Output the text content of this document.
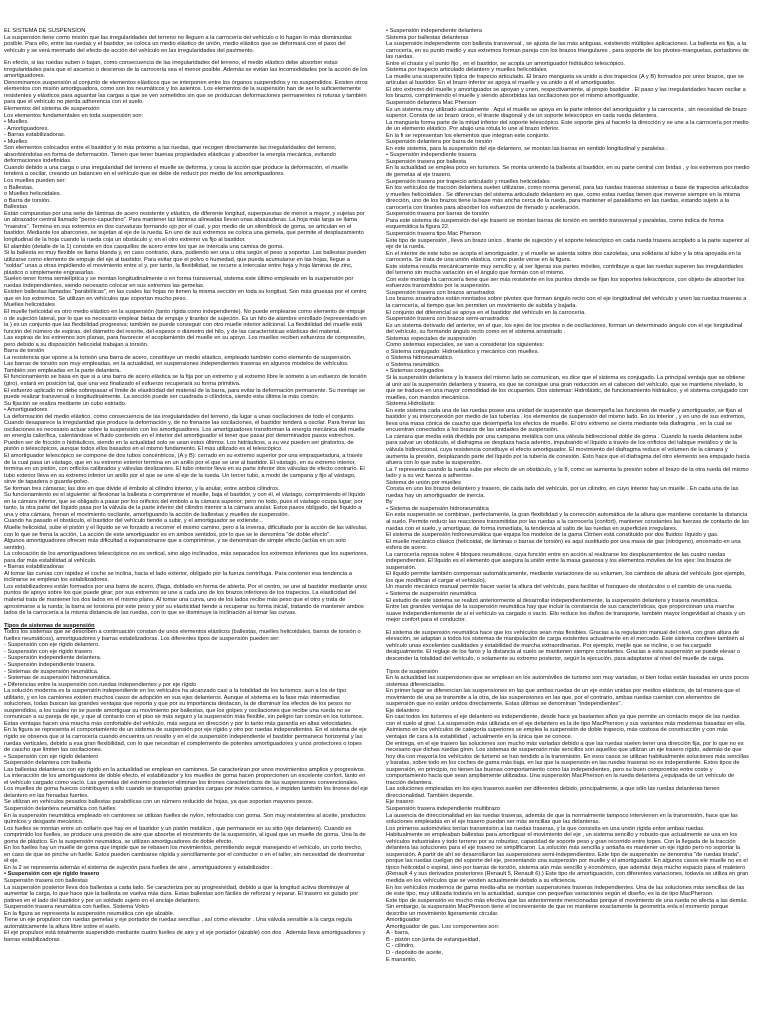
EL SISTEMA DE SUSPENSIÓN

La suspensión tiene como misión que las irregularidades del terreno no lleguen a la carrocería del vehículo o lo hagan lo más disminuidas posible. Para ello, entre las ruedas y el bastidor, se coloca un medio elástico de unión, medio elástico que se deformará con el paso del vehículo y se verá mermado del efecto de acción del vehículo en las irregularidades del pavimento.

En efecto, si las ruedas suben o bajan, como consecuencia de las irregularidades del terreno, el medio elástico debe absorber estas irregularidades para que el ascenso o descenso de la carrocería sea el menor posible. Además se evitan las incomodidades por la acción de los amortiguadores.

Denominamos suspensión al conjunto de elementos elásticos que se interponen entre los órganos suspendidos y no suspendidos. Existen otros elementos con misión amortiguadora, como son los neumáticos y los asientos. Los elementos de la suspensión han de ser lo suficientemente resistentes y elásticos para aguantar las cargas a que se ven sometidos sin que se produzcan deformaciones permanentes ni roturas y también para que el vehículo no pierda adherencia con el suelo.

Elementos del sistema de suspensión

Los elementos fundamentales en toda suspensión son:

• Muelles.

- Amortiguadores.

- Barras estabilizadoras.

• Muelles

Son elementos colocados entre el bastidor y lo más próximo a las ruedas, que recogen directamente las irregularidades del terreno, absorbiéndolas en forma de deformación. Tienen que tener buenas propiedades elásticas y absorber la energía mecánica, evitando deformaciones indefinidas.

Cuando debido a una carga o una irregularidad del terreno el muelle se deforma, y cesa la acción que produce la deformación, el muelle tenderá a oscilar, creando un balanceo en el vehículo que se debe de reducir por medio de los amortiguadores.

Los muelles pueden ser:

o Ballestas.

o Muelles helicoidales.

o Barra de torsión.

Ballestas

Están compuestas por una serie de láminas de acero resistente y elástico, de diferente longitud, superpuestas de menor a mayor, y sujetas por un abrazador central llamado "perno-capuchino". Para mantener las láminas alineadas llevan unas abrazaderas. La hoja más larga se llama "maestra". Termina en sus extremos en dos curvaturas formando ojo por el cual, y por medio de un silentblock de goma, se articulan en el bastidor. Mediante los abarcones, se sujetan al eje de la rueda. En uno de sus extremos se coloca una gemela, que permite el desplazamiento longitudinal de la hoja cuando la rueda coja un obstáculo y, en el otro extremo va fijo al bastidor.

El alambio (detalle de la 1) consiste en dos casquillos de acero entre los que se intercala una camisa de goma.

Si la ballesta es muy flexible se llama blanda y, en caso contrario, dura, pudiendo ser una u otra según el peso a soportar. Las ballestas pueden utilizarse como elemento de empuje del eje al bastidor. Para evitar que el polvo o humedad, que pueda acumularse en las hojas, llegue a "soldar" unas a otras impidiendo el movimiento entre sí y, por tanto, la flexibilidad, se recurre a intercalar entre hoja y hoja láminas de zinc, plástico o simplemente engrasarlas.

Suelen tener forma semielíptica y se montan longitudinalmente o en forma transversal, sistema este último empleado en la suspensión por ruedas independientes, siendo necesario colocar en sus extremos las gemelas.

Existen ballestas llamadas "parabólicas", en las cuales las hojas no tienen la misma sección en toda su longitud. Son más gruesas por el centro que en los extremos. Se utilizan en vehículos que soportan mucho peso.

Muelles helicoidales

El muelle helicoidal es otro medio elástico en la suspensión (tanto rígida como independiente). No puede emplearse como elemento de empuje o de sujeción lateral, por lo que es necesario emplear bielas de empuje y tirantes de sujeción. Es un hilo de alambre enrollado (representado en la ) es un conjunto que las flexibilidad progresiva; también se puede conseguir con otro muelle interior adicional. La flexibilidad del muelle está función del número de espiras, del diámetro del resorte, del espesor o diámetro del hilo, y de las características elásticas del material.

Las espiras de los extremos son planas, para favorecer el acoplamiento del muelle en su apoyo. Los muelles reciben esfuerzos de compresión, pero debido a su disposición helicoidal trabajan a torsión.

Barra de torsión

La resistencia que opone a la torsión una barra de acero, constituye un medio elástico, empleado también como elemento de suspensión.

Las barras de torsión son muy empleadas, en la actualidad, en suspensiones independientes traseras en algunos modelos de vehículos. También son empleadas en la parte delantera.

El funcionamiento se basa en que si a una barra de acero elástica se la fija por un extremo y al extremo libre le someto a un esfuerzo de torsión (giro), estará en posición tal, que una vez finalizado el esfuerzo recuperará su forma primitiva.

El esfuerzo aplicado no debe sobrepasar el límite de elasticidad del material de la barra, para evitar la deformación permanente. Su montaje se puede realizar transversal o longitudinalmente. La sección puede ser cuadrada o cilíndrica, siendo esta última la más común.

Su fijación se realiza mediante un cubo estriado.

• Amortiguadores

La deformación del medio elástico, como consecuencia de las irregularidades del terreno, da lugar a unas oscilaciones de todo el conjunto. Cuando desaparece la irregularidad que produce la deformación y, de no frenarse las oscilaciones, el bastidor tenderá a oscilar. Para frenar las oscilaciones es necesario actuar sobre la suspensión con los amortiguadores. Los amortiguadores transforman la energía mecánica del muelle en energía calorífica, calentándose el fluido contenido en el interior del amortiguador el tener que pasar por determinados pasos estrechos. Pueden ser de fricción o hidráulicos, siendo en la actualidad solo se usan estos últimos. Los hidráulicos, a su vez pueden ser giratorios, de pistón o telescópicos, aunque todos ellos basados en el mismo fundamento. El más utilizado es el telescópico.

El amortiguador telescópico se compone de dos tubos concéntricos, (A y B): cerrado en su extremo superior por una empaquetadura, a través de la cual pasa un vástago, que en su extremo exterior termina en un anillo por el que se une al bastidor. El vástago, en su extremo interior, termina en un pistón, con orificios calibrados y válvulas deslizantes. El tubo interior lleva en su parte inferior dos válvulas de efecto contrario. El tubo exterior lleva en su extremo inferior un anillo por el que se une al eje de la rueda. Un tercer tubo, a modo de campana y fijo al vástago, sirve de tapadera o guarda-polvo.

Se forman tres cámaras; las dos en que divide el émbolo al cilindro interior, y la anular, entre ambos cilindros.

Su funcionamiento es el siguiente: al flexionar la ballesta o comprimirse el muelle, baja el bastidor, y con él, el vástago, comprimiendo el líquido en la cámara inferior, que se obligado a pasar por los orificios del émbolo a la cámara superior; pero no todo, pues el vástago ocupa lugar; por tanto, la otra parte del líquido pasa por la válvula de la parte inferior del cilindro interior a la cámara anular. Estos pasos obligado, del líquido a una y otra cámara, frenan el movimiento oscilante, amortiguando la acción de ballestas y muelles de suspensión.

Cuando ha pasado el obstáculo, el bastidor del vehículo tiende a subir, y el amortiguador se extiende...

Muelle helicoidal, sube el pistón y el líquido se ve forzado a recorrer el mismo camino, pero a la inversa, dificultado por la acción de las válvulas, con lo que se frena la acción, La acción de este amortiguador es en ambos sentidos, por lo que se le denomina "de doble efecto".

Algunos amortiguadores ofrecen más dificultad a expansionarse que a comprimirse, y se denominan de simple efecto (actúa en un solo sentido).

La colocación de los amortiguadores telescópicos no es vertical, sino algo inclinados, más separados los extremos inferiores que los superiores, para dar más estabilidad al vehículo.

• Barras estabilizadoras

Al tomar las curvas con rapidez el coche se inclina, hacia el lado exterior, obligado por la fuerza centrífuga. Para contener esa tendencia a inclinarse se emplean los estabilizadores.

Los estabilizadores están formados por una barra de acero, (flaga, doblado en forma de abierta. Por el centro, se une al bastidor mediante unos puntos de apoyo sobre los que puede girar; por sus extremos se une a cada uno de los brazos inferiores de los trapecios. La elasticidad del material trata de mantener los dos lados en el mismo plano. Al tomar una curva, uno de los lados recibe más peso que el otro y trata de aproximarse a la rueda; la barra se torsiona por este peso y por su elasticidad tiende a recuperar su forma inicial, tratando de mantener ambos lados de la carrocería a la misma distancia de las ruedas, con lo que se disminuye la inclinación al tomar las curvas.

Tipos de sistemas de suspensión

Todos los sistemas que se describen a continuación constan de unos elementos elásticos (ballestas, muelles helicoidales, barras de torsión o fuelles neumáticos), amortiguadores y barras estabilizadoras. Los diferentes tipos de suspensión pueden ser:

- Suspensión con eje rígido delantero.

- Suspensión con eje rígido trasero.

- Suspensión independiente delantera.

- Suspensión independiente trasera.

- Sistemas de suspensión neumática.

- Sistemas de suspensión hidroneumática.

• Diferencias entre la suspensión con ruedas independientes y por eje rígido

La solución moderna es la suspensión independiente en los vehículos ha alcanzado casi a la totalidad de los turismos, aun a los de tipo utilitario, y en los camiones existen muchos casos de adopción en sus ejes delanteros. Aunque el sistema es la fase más intermedias soluciones, todas buscan las grandes ventajas que reporta y que por su importancia destacan, la de disminuir los efectos de los pesos no suspendidos, a los cuales no se puede amortiguar su movimiento por ballestas, que los golpes y oscilaciones que recibe una rueda no se comunican a su pareja de eje, y que al contacto con el piso se más seguro y la suspensión más flexible, sin peligro tan común en los turismos. Estas ventajas hacen una marcha más confortable del vehículo, más segura en dirección y por lo tanto más garantía en altas velocidades.

En la figura se representa el comportamiento de un sistema de suspensión por eje rígido y otro por ruedas independientes. En el sistema de eje rígido se observa que si la carrocería cuando encuentra un resalto y en el de suspensión independiente el bastidor permanece horizontal y las ruedas verticales, debido a esa gran flexibilidad, con lo que necesitan el complemento de potentes amortiguadores y unos protectores o topes de caucho que limiten las oscilaciones.

• Suspensión con eje rígido delantero

Suspensión delantera con ballesta

Las ballestas delanteras con eje rígido en la actualidad se emplean en camiones. Se caracterizan por unos movimientos amplios y progresivos. La interacción de los amortiguadores de doble efecto, el estabilizador y los muelles de goma hacen proporcionen un excelente confort, tanto en el vehículo cargado como vacío. Las gemelas del extremo posterior eliminan los tirones característicos de las suspensiones convencionales. Los muelles de goma huecos contribuyen a ello cuando se transportan grandes cargas por malos caminos, e impiden también los tirones del eje delantero en las frenadas fuertes.

Se utilizan en vehículos pesados ballestas parabólicas con un número reducido de hojas, ya que soportan mayores pesos.

Suspensión delantera neumática con fuelles

En la suspensión neumática empleado en camiones se utilizan fuelles de nylon, reforzados con goma. Son muy resistentes al aceite, productos químicos y desgaste mecánico.

Los fuelles se montan entre un collarín que hay en el bastidor y un pistón metálico , que permanece en su sitio (eje delantero). Cuando es comprimido los fuelles, se produce una presión de aire que absorbe el movimiento de la suspensión, al igual que un muelle de goma. Una la de goma de plástico. En la suspensión neumática, se utilizan amortiguadores de doble efecto.

En los fuelles hay un muelle de goma que impide que se rebasen los movimientos, permitiendo seguir manejando el vehículo, un corto trecho, en caso de que se pinche un fuelle. Estos pueden cambiarse rápida y sencillamente por el conductor o en el taller, sin necesidad de desmontar el eje.

En la 2 se representa además el sistema de sujeción para fuelles de aire , amortiguadores y estabilizador .

• Suspensión con eje rígido trasero

Suspensión trasera con ballestas

La suspensión posterior lleva dos ballestas a cada lado. Se caracteriza por su progresividad, debido a que la longitud activa disminuye al aumentar la carga, lo que hace que la ballesta se vuelva más dura. Estas ballestas son fáciles de reforzar y reparar. El trasero es guiado por patines en el lado del bastidor y por un soldado sujeto en el anclaje delantero.

Suspensión trasera neumática con fuelles. Sistema Volvo

En la figura se representa la suspensión neumática con eje alzable.

Tiene un eje propulsor con ruedas gemelas y eje portador de ruedas sencillas , así como elevador . Una válvula sensible a la carga regula automáticamente la altura libre sobre el suelo.

El eje propulsor está totalmente suspendido mediante cuatro fuelles de aire y el eje portador (alzable) con dos . Además lleva amortiguadores y barras estabilizadoras .

• Suspensión independiente delantera

Sistema por ballestas delanteras

La suspensión independiente con ballesta transversal , se ajusta de las más antiguas, existiendo múltiples aplicaciones. La ballesta es fija, a la carrocería, en su punto medio y sus extremos forman pareja con los brazos triangulares , para soporte de los pivotes-manguetas, portadores de las ruedas.

Entre el chasis y el punto fijo , en el bastidor, se acopla un amortiguador hidráulico telescópico.

Sistema por trapecio articulado delantero y muelles helicoidales

La muelle una suspensión típica de trapecio articulado. El brazo mangueta va unido a dos trapecios (A y B) formados por unos brazos, que se articulan al bastidor. En el brazo inferior se apoya el muelle y va unido a él el amortiguador.

El otro extremo del muelle y amortiguador se apoyan y unen, respectivamente, al propio bastidor . El paso y las irregularidades hacen oscilar a los brazos, comprimiendo el muelle y siendo absorbidas las oscilaciones por el mismo amortiguador.

Suspensión delantera Mac Pherson

Es un sistema muy utilizado actualmente . Aquí el muelle se apoya en la parte inferior del amortiguador y la carrocería , sin necesidad de brazo superior. Consta de un brazo único, el tirante diagonal y de un soporte telescópico en cada rueda delantera.

La mangueta forma parte de la mitad inferior del soporte telescópico. Este soporte gira al hacerlo la dirección y se une a la carrocería por medio de un elemento elástico. Por abajo una rótula lo une al brazo inferior.

En la fi se representan los elementos que integran este conjunto.

Suspensión delantera por barra de torsión

En este sistema, para la suspensión del eje delantero, se montan las barras en sentido longitudinal y paralelas .

• Suspensión independiente trasera

Suspensión trasera por ballesta

En la actualidad se emplea poco en turismos. Se monta uniendo la ballesta al bastidor, en su parte central con bridas , y los extremos por medio de gemelas al eje trasero.

Suspensión trasera por trapecio articulado y muelles helicoidales

En los vehículos de tracción delantera suelen utilizarse, como norma general, para las ruedas traseras sistemas a base de trapecios articulados y muelles helicoidales . Se diferencian del sistema articulado delantero en que, como estas ruedas tienen que moverse siempre en la misma dirección, uno de los brazos tiene la base más ancha cerca de la rueda, para mantener el paralelismo en las ruedas, estando sujeto a la carrocería con tirantes para absorber los esfuerzos de frenado y aceleración.

Suspensión trasera por barras de torsión

Para este sistema de suspensión del eje trasero se montan barras de torsión en sentido transversal y paralelas, como indica de forma esquemática la figura 22.

Suspensión trasera tipo Mac Pherson

Este tipo de suspensión , lleva un brazo único , tirante de sujeción y el soporte telescópico en cada rueda trasera acoplado a la parte superior al eje de la rueda.

En el interior de este tubo se acopla el amortiguador, y el muelle se asienta sobre dos cazoletas, una solidaria al tubo y la otra apoyada en la carrocería. Se trata de una unión elástica, como puede verse en la figura.

Este sistema resulta mecánicamente muy sencillo y, al ser ligeras sus partes móviles, contribuye a que las ruedas superen las irregularidades del terreno sin mucha variación en el ángulo que forman con el mismo.

Con este montaje la carrocería tiene que ser más resistente en los puntos donde se fijan los soportes telescópicos, con objeto de absorber los esfuerzos transmitidos por la suspensión.

Suspensión trasera con brazos arrastrados

Los brazos arrastrados están montados sobre pivotes que forman ángulo recto con el eje longitudinal del vehículo y unen las ruedas traseras a la carrocería, al tiempo que les permiten un movimiento de subida y bajada.

El conjunto del diferencial se apoya en el bastidor del vehículo en la carrocería.

Suspensión trasera con brazos semi-arrastrados

Es un sistema derivado del anterior, en el que, los ejes de los pivotes o de oscilaciones, forman un determinado ángulo con el eje longitudinal del vehículo, su formando ángulo recto como en el sistema arrastrado .

Sistemas especiales de suspensión

Como sistemas especiales, se van a considerar los siguientes:

o Sistema conjugado: Hidroelástico y mecánico con muelles.

o Sistema hidroneumático.

o Sistema neumático.

• Sistemas conjugados

Si la suspensión delantera y la trasera del mismo lado se comunican, es dice que el sistema es conjugado. La principal ventaja que se obtiene al unir así la suspensión delantera y trasera, es que se consigue una gran reducción en el cabeceo del vehículo, que se mantiene nivelado, lo que se traduce en una mayor comodidad de los ocupantes. Dos sistemas: Hidrolástic, de funcionamiento hidráulico, y el sistema conjugado con muelles, con mandos mecánicos.

Sistema Hidrolástic

En este sistema cada una de las ruedas posee una unidad de suspensión que desempeña las funciones de muelle y amortiguador, se fijan al bastidor y su interconexión por medio de las tuberías . los elementos de suspensión del mismo lado. En su interior , y en uno de sus extremos, lleva una masa cónica de caucho que desempeña los efectos de muelle. El otro extremo se cierra mediante tela diafragma , en la cual se encuentran conectados a los brazos de las unidades de suspensión.

La cámara que media está dividida por una campana metálica con una válvula bidireccional doble de goma . Cuando la rueda delantera sube para salvar un obstáculo, el diafragma se desplaza hacia adentro, impulsando el líquido a través de los orificios del tabique metálico y de la válvula bidireccional, cuya resistencia constituye el efecto amortiguador. El movimiento del diafragma reduce el volumen de la cámara y aumenta la presión, desplazando parte del líquido por la tubería de conexión. Esto hace que el diafragma del otro elemento sea empujado hacia afuera con lo que sube la suspensión.

La 7 representa cuando la rueda sube por efecto de un obstáculo, y la 8, como se aumenta la presión sobre el brazo de la otra rueda del mismo lado y a su vez fuerza a adherirse.

Sistema de unión por muelles

Consta en uno los brazos delantero y trasero, de cada lado del vehículo, por un cilindro, en cuyo interior hay un muelle . En cada una de las ruedas hay un amortiguador de inercia.

By

• Sistema de suspensión hidroneumática

En esta suspensión se combinan, perfectamente, la gran flexibilidad y la corrección automática de la altura que mantiene constante la distancia al suelo. Permite reducir las reacciones transmitidas por las ruedas a la carrocería (confort), mantener constantes las fuerzas de contacto de las ruedas con el suelo, y amortiguar, de forma inmediata, la tendencia al salto de las ruedas en superficies irregulares.

El sistema de suspensión hidroneumática que equipa los modelos de la gama Citröen está constituido por dos fluidos: líquido y gas.

El muelle mecánico clásico (helicoidal, de láminas o barras de torsión) es aquí sustituido por una masa de gas (nitrógeno), encerrado en una esfera de acero.

La carrocería reposa sobre 4 bloques neumáticos, cuya función entre en acción al realizarse los desplazamientos de las cuatro ruedas independientes. El líquido es el elemento que asegura la unión entre la masa gaseosa y los elementos móviles de los ejes: los brazos de suspensión.

El líquido permite también compensar automáticamente, mediante variaciones de su volumen, los cambios de altura del vehículo (por ejemplo, los que modifican el cargar el vehículo).

Un mando mecánico manual permite hacer variar la altura del vehículo, para facilitar el franqueo de obstáculos o el cambio de una rueda.

• Sistema de suspensión neumática

El estudio de este sistema se realizó anteriormente al desarrollar independientemente, la suspensión delantera y trasera neumática.

Entre las grandes ventajas de la suspensión neumática hay que incluir la constancia de sus características, que proporcionan una marcha suave independientemente de si el vehículo va cargado o vacío. Ello reduce los daños de transporte, también mayor longevidad al chasis y un mejor confort para el conductor.

El sistema de suspensión neumática hace que los vehículos sean más flexibles. Gracias a la regulación manual del nivel, con gran altura de elevación, se adaptan a todos los sistemas de manipulación de carga existentes actualmente en el mercado. Este sistema confiere también al vehículo unas excelentes cualidades y estabilidad de marcha extraordinarias. Por ejemplo, mejile que se incline, o se ha cargado desigualmente. El reglaje de los faros y la distancia al suelo se mantienen siempre constantes. Gracias a esta suspensión se puede elevar o descender la totalidad del vehículo, o solamente su extremo posterior, según la ejecución, para adaptarse al nivel del muelle de carga.

Tipos de suspensión

En la actualidad las suspensiones que se emplean en los automóviles de turismo son muy variadas, si bien todas están basadas en unos pocos sistemas diferenciados.

En primer lugar se diferencian las suspensiones en las que ambas ruedas de un eje están unidas por medios elásticos, de tal manera que el movimiento de una se transmite a la otra, de las suspensiones en las que, por el contrario, ambas ruedas cuentan con elementos de suspensión que no están unidos directamente. Estas últimas se denominan "independientes".

Eje delantero

En casi todos los turismos el eje delantero es independiente, desde hace ya bastantes años ya que permite un contacto mejor de las ruedas con el suelo al girar. La suspensión más utilizada en el eje delantero es la de tipo MacPherson y sus variantes más modernas basadas en ella. Asimismo en los vehículos de categoría superiores se emplea la suspensión de doble trapecio, más costosa de construcción y con más ventajas de cara a la estabilidad , actualmente en la única que se conoce.

De entrega, en el eje trasero las soluciones son mucho más variadas debido a que las ruedas suelen tener una dirección fija, por lo que no es necesario que dichas ruedas giren. Los sistemas de suspensión más sencillos son aquellos que utilizan un eje trasero rígido, además de que hoy día con mayoría los vehículos de turismo se han tendido a la transmisión. En esos casos se utilizan habitualmente soluciones más sencillas y baratas, sobre todo en los coches de gama más baja, en las que la suspensión en las ruedas traseras no es independiente. Estos tipos de suspensión, en principio, no tienen las buenas comportamiento como las independientes, pero su buen compromiso entre coste y comportamiento hacia que sean ampliamente utilizadas. Una suspensión MacPherson en la rueda delantera ¿equipada de un vehículo de tracción delantera.

Las soluciones empleadas en los ejes traseros suelen ser diferentes debido, principalmente, a que sólo las ruedas delanteras tienen direccionalidad. También depende.

Eje trasero

Suspensión trasera independiente multibrazo

La ausencia de direccionalidad en las ruedas traseras, además de que la normalmente tampoco intervienen en la transmisión, hace que las soluciones empleadas en el eje trasero puedan ser más sencillas que las delanteras.

Los primeros automóviles tenían transmisión a las ruedas traseras, y la que consistía en una unión rígida entre ambas ruedas.

Habitualmente se empleaban ballestas para amortiguar el movimiento del eje , un sistema sencillo y robusto que actualmente se usa en los vehículos industriales y todo terreno por su robustez, capacidad de soporte peso y gran recorrido entre topes. Con la llegada de la tracción delantera las soluciones para el eje trasero se simplificaron. La solución más sencilla y antiaña es mantener un eje rígido pero no soportar la suspensión. A partir de ahí se desarrollaron las suspensiones semi-independientes. Este tipo de suspensión se denomina "de ruedas tirada", porque las ruedas cuelgan del soporte del eje, presentando una suspensión por muelle y el amortiguador. En algunos casos ele muelle no es el típico helicoidal o espiral, sino por barras de torsión, sistema aún más sencillo y económico, que además deja mucho espacio para el maletero (Renault 4 y sus derivados posteriores (Renault 5, Renault 6).) Este tipo de amortiguación, con diferentes variaciones, todavía se utiliza en gran medida en los vehículos que se venden actualmente debido a su eficiencia.

En los vehículos modernos de gama media-alta se montan suspensiones traseras independientes. Una de las soluciones más sencillas de las de este tipo, muy utilizada todavía en la actualidad, aunque con pequeñas variaciones según el diseño, es la de tipo MacPherson.

Este tipo de suspensión es mucho más efectiva que las anteriormente mencionadas porque el movimiento de una rueda no afecta a las demás. Sin embargo, la suspensión MacPherson tiene el inconveniente de que no mantiene exactamente la geometría enla el momento porque describe un movimiento ligeramente circular.

Amortiguador

Amortiguador de gas. Los componentes son:

A - barra,

B - pistón con junta de estanqueidad,

C - cilindro,

D - depósito de aceite,

E manantio,
